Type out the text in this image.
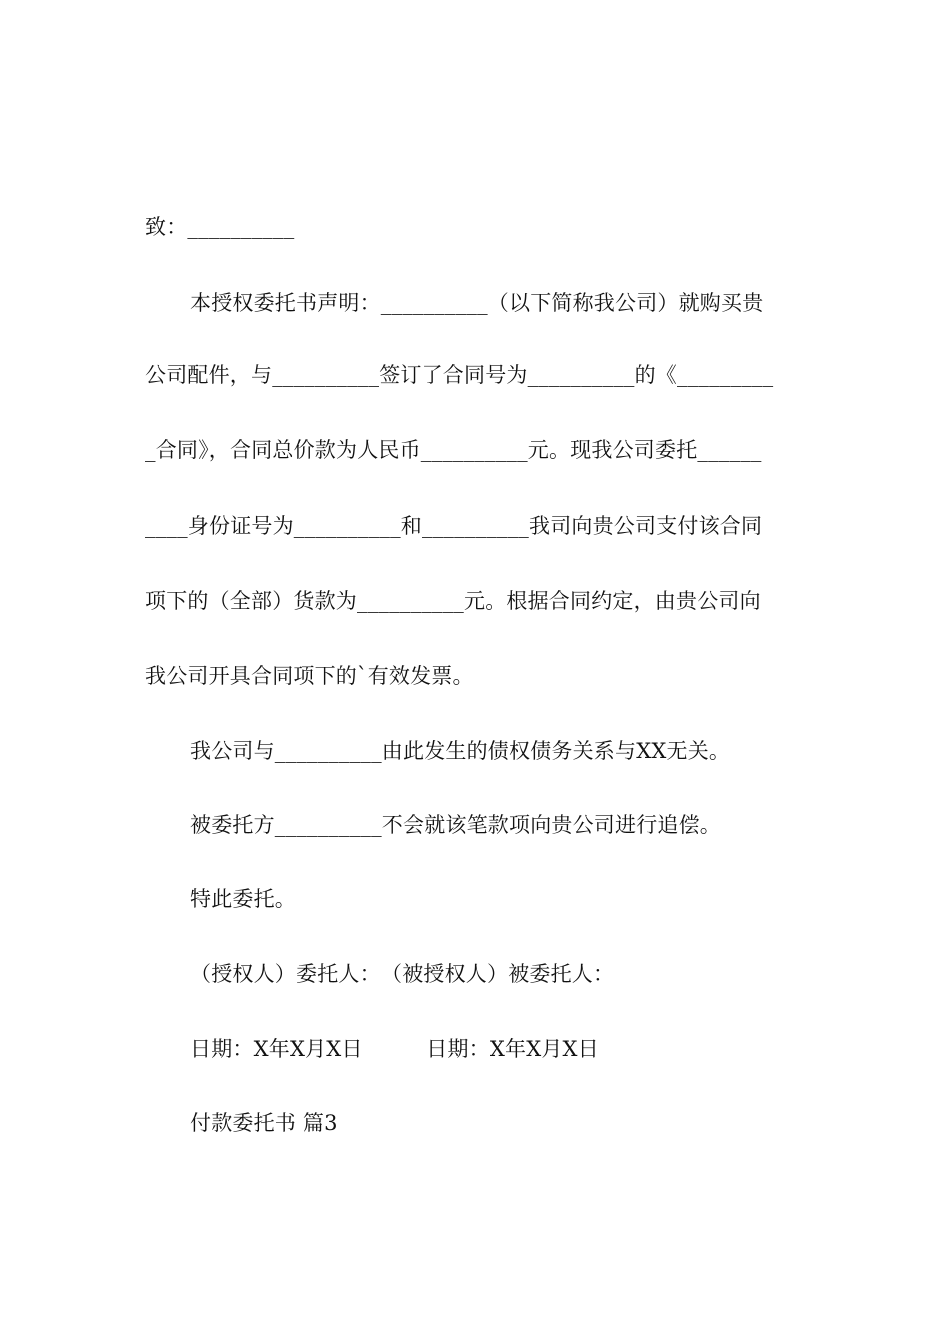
致：__________
本授权委托书声明：__________（以下简称我公司）就购买贵
公司配件，与__________签订了合同号为__________的《_________
_合同》，合同总价款为人民币__________元。现我公司委托______
____身份证号为__________和__________我司向贵公司支付该合同
项下的（全部）货款为__________元。根据合同约定，由贵公司向
我公司开具合同项下的`有效发票。
我公司与__________由此发生的债权债务关系与XX无关。
被委托方__________不会就该笔款项向贵公司进行追偿。
特此委托。
（授权人）委托人：　（被授权人）被委托人：
日期：X年X月X日　　　日期：X年X月X日
付款委托书 篇3
